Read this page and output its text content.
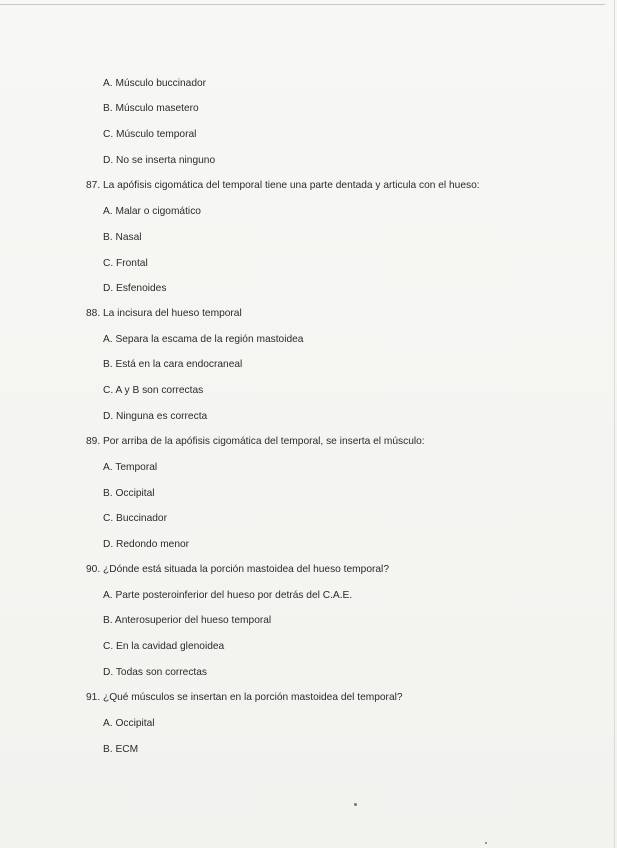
A. Músculo buccinador
B. Músculo masetero
C. Músculo temporal
D. No se inserta ninguno
87. La apófisis cigomática del temporal tiene una parte dentada y articula con el hueso:
A. Malar o cigomático
B. Nasal
C. Frontal
D. Esfenoides
88. La incisura del hueso temporal
A. Separa la escama de la región mastoidea
B. Está en la cara endocraneal
C. A y B son correctas
D. Ninguna es correcta
89. Por arriba de la apófisis cigomática del temporal, se inserta el músculo:
A. Temporal
B. Occipital
C. Buccinador
D. Redondo menor
90. ¿Dónde está situada la porción mastoidea del hueso temporal?
A. Parte posteroinferior del hueso por detrás del C.A.E.
B. Anterosuperior del hueso temporal
C. En la cavidad glenoidea
D. Todas son correctas
91. ¿Qué músculos se insertan en la porción mastoidea del temporal?
A. Occipital
B. ECM
